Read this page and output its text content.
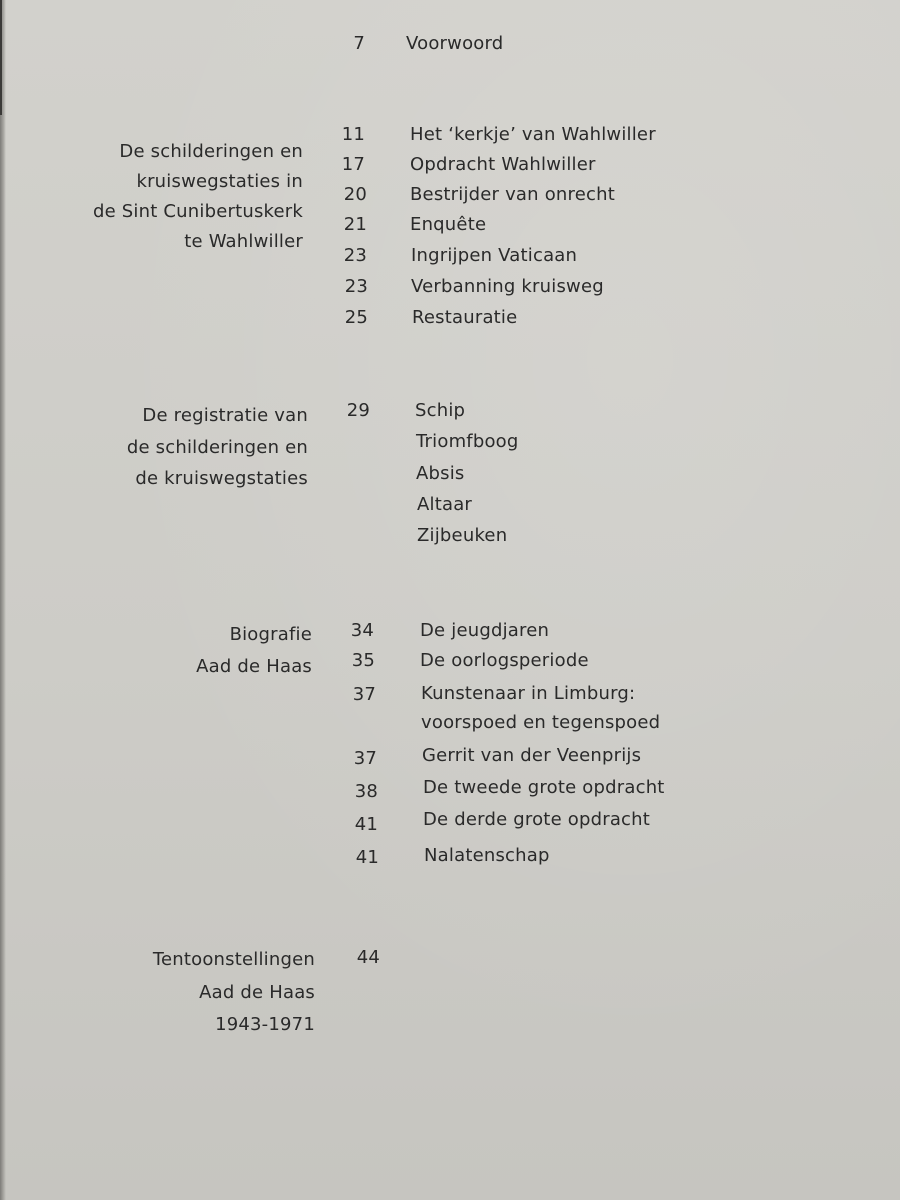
7 Voorwoord
De schilderingen en
kruiswegstaties in
de Sint Cunibertuskerk
te Wahlwiller
11	Het ‘kerkje’ van Wahlwiller
17	Opdracht Wahlwiller
20 Bestrijder van onrecht
21 Enquête
23 Ingrijpen Vaticaan
23 Verbanning kruisweg
25 Restauratie
De registratie van
de schilderingen en
de kruiswegstaties
29	Schip
Triomfboog
Absis
Altaar
Zijbeuken
Biografie
Aad de Haas
34	De jeugdjaren
35	De oorlogsperiode
37	Kunstenaar in Limburg:
voorspoed en tegenspoed
37	Gerrit van der Veenprijs
38	De tweede grote opdracht
41	De derde grote opdracht
41	Nalatenschap
Tentoonstellingen
Aad de Haas
1943-1971
44
